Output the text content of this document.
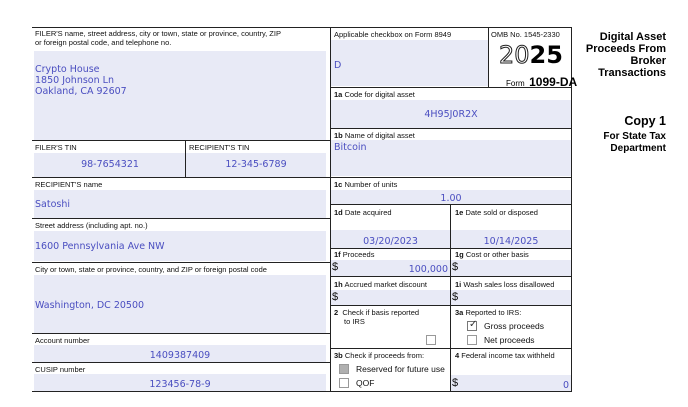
FILER'S name, street address, city or town, state or province, country, ZIP
or foreign postal code, and telephone no.
Crypto House
1850 Johnson Ln
Oakland, CA 92607
FILER'S TIN
98-7654321
RECIPIENT'S TIN
12-345-6789
RECIPIENT'S name
Satoshi
Street address (including apt. no.)
1600 Pennsylvania Ave NW
City or town, state or province, country, and ZIP or foreign postal code
Washington, DC 20500
Account number
1409387409
CUSIP number
123456-78-9
Applicable checkbox on Form 8949
D
OMB No. 1545-2330
2025
Form 1099-DA
1a Code for digital asset
4H95J0R2X
1b Name of digital asset
Bitcoin
1c Number of units
1.00
1d Date acquired
03/20/2023
1e Date sold or disposed
10/14/2025
1f Proceeds
$	100,000
1g Cost or other basis
$
1h Accrued market discount
$
1i Wash sales loss disallowed
$
2 Check if basis reported
to IRS
3a Reported to IRS:
✓
Gross proceeds
Net proceeds
3b Check if proceeds from:
Reserved for future use
QOF
4 Federal income tax withheld
$	0
Digital Asset
Proceeds From
Broker
Transactions
Copy 1
For State Tax
Department
